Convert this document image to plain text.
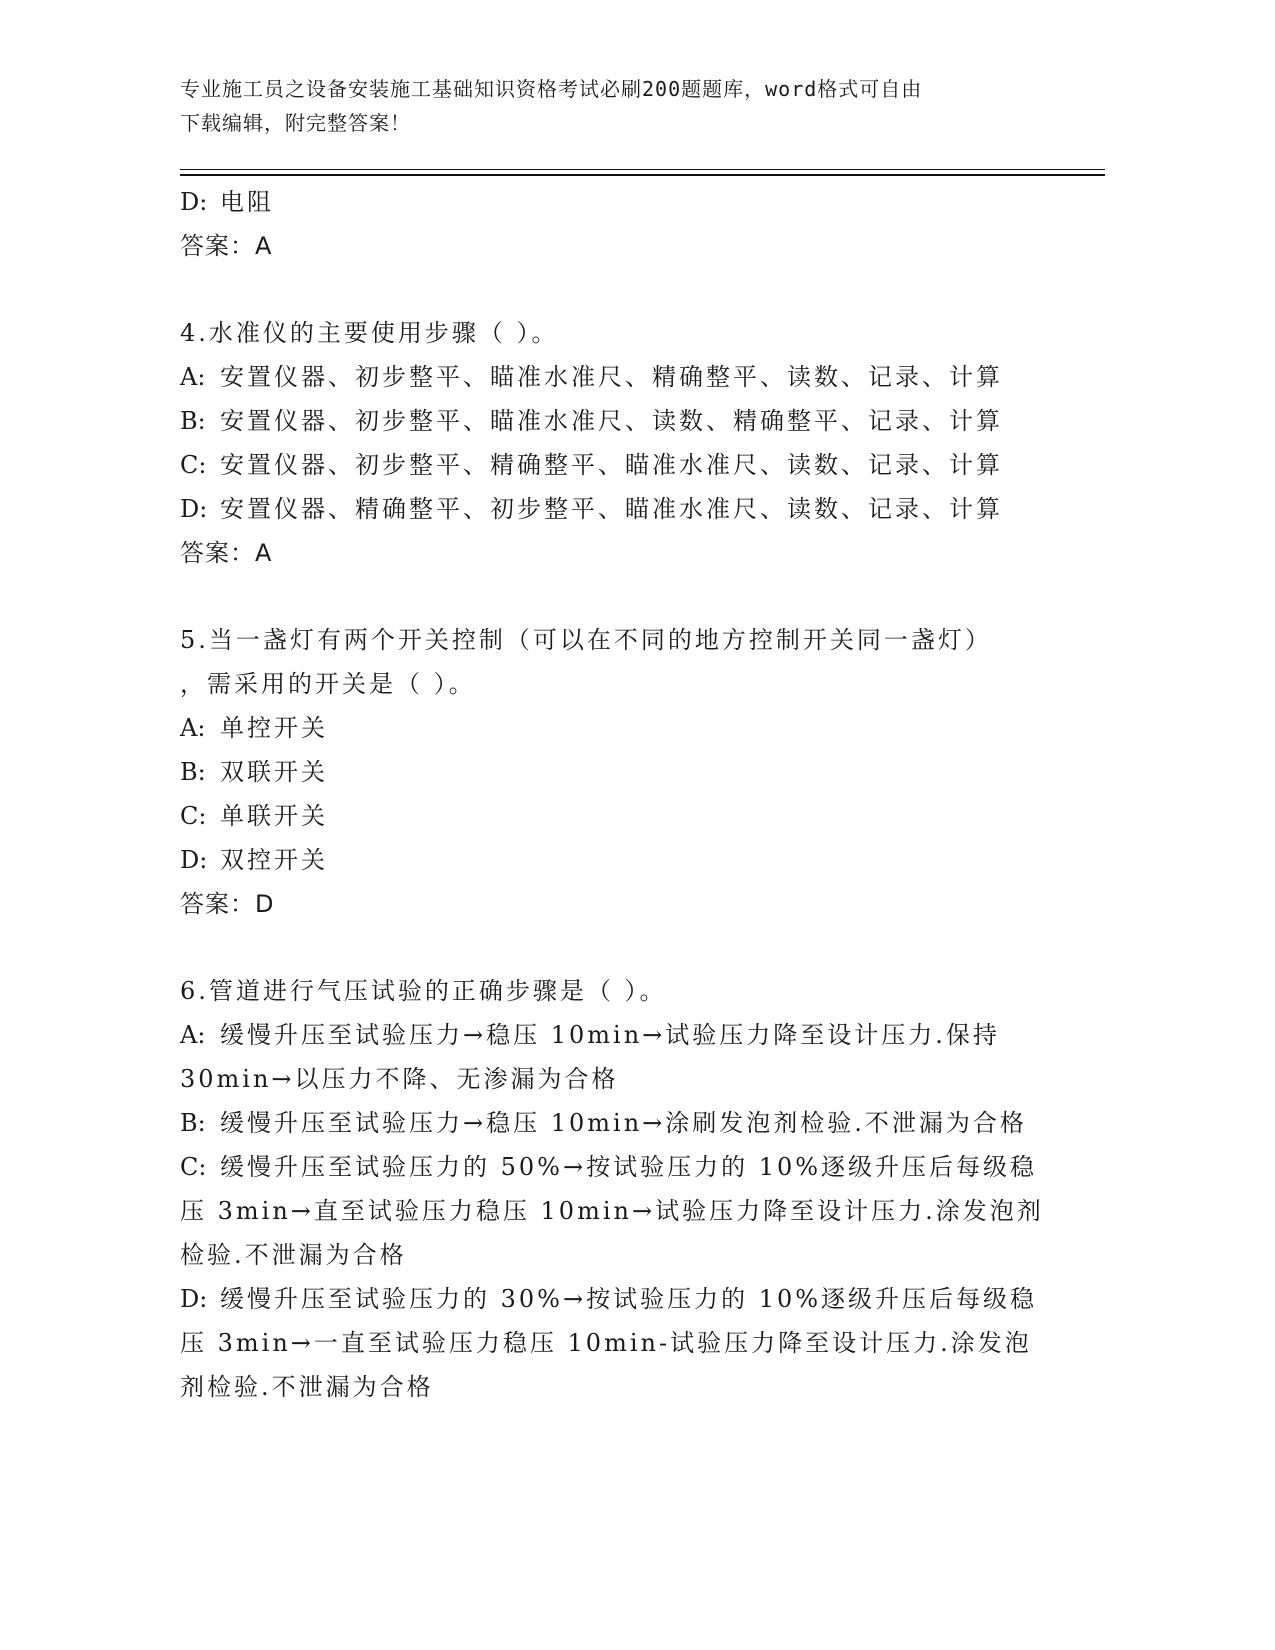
专业施工员之设备安装施工基础知识资格考试必刷200题题库，word格式可自由
下载编辑，附完整答案！
D: 电阻
答案：A
4.水准仪的主要使用步骤（ ）。
A: 安置仪器、初步整平、瞄准水准尺、精确整平、读数、记录、计算
B: 安置仪器、初步整平、瞄准水准尺、读数、精确整平、记录、计算
C: 安置仪器、初步整平、精确整平、瞄准水准尺、读数、记录、计算
D: 安置仪器、精确整平、初步整平、瞄准水准尺、读数、记录、计算
答案：A
5.当一盏灯有两个开关控制（可以在不同的地方控制开关同一盏灯）
，需采用的开关是（ ）。
A: 单控开关
B: 双联开关
C: 单联开关
D: 双控开关
答案：D
6.管道进行气压试验的正确步骤是（ ）。
A: 缓慢升压至试验压力→稳压 10min→试验压力降至设计压力.保持
30min→以压力不降、无渗漏为合格
B: 缓慢升压至试验压力→稳压 10min→涂刷发泡剂检验.不泄漏为合格
C: 缓慢升压至试验压力的 50%→按试验压力的 10%逐级升压后每级稳
压 3min→直至试验压力稳压 10min→试验压力降至设计压力.涂发泡剂
检验.不泄漏为合格
D: 缓慢升压至试验压力的 30%→按试验压力的 10%逐级升压后每级稳
压 3min→一直至试验压力稳压 10min-试验压力降至设计压力.涂发泡
剂检验.不泄漏为合格
